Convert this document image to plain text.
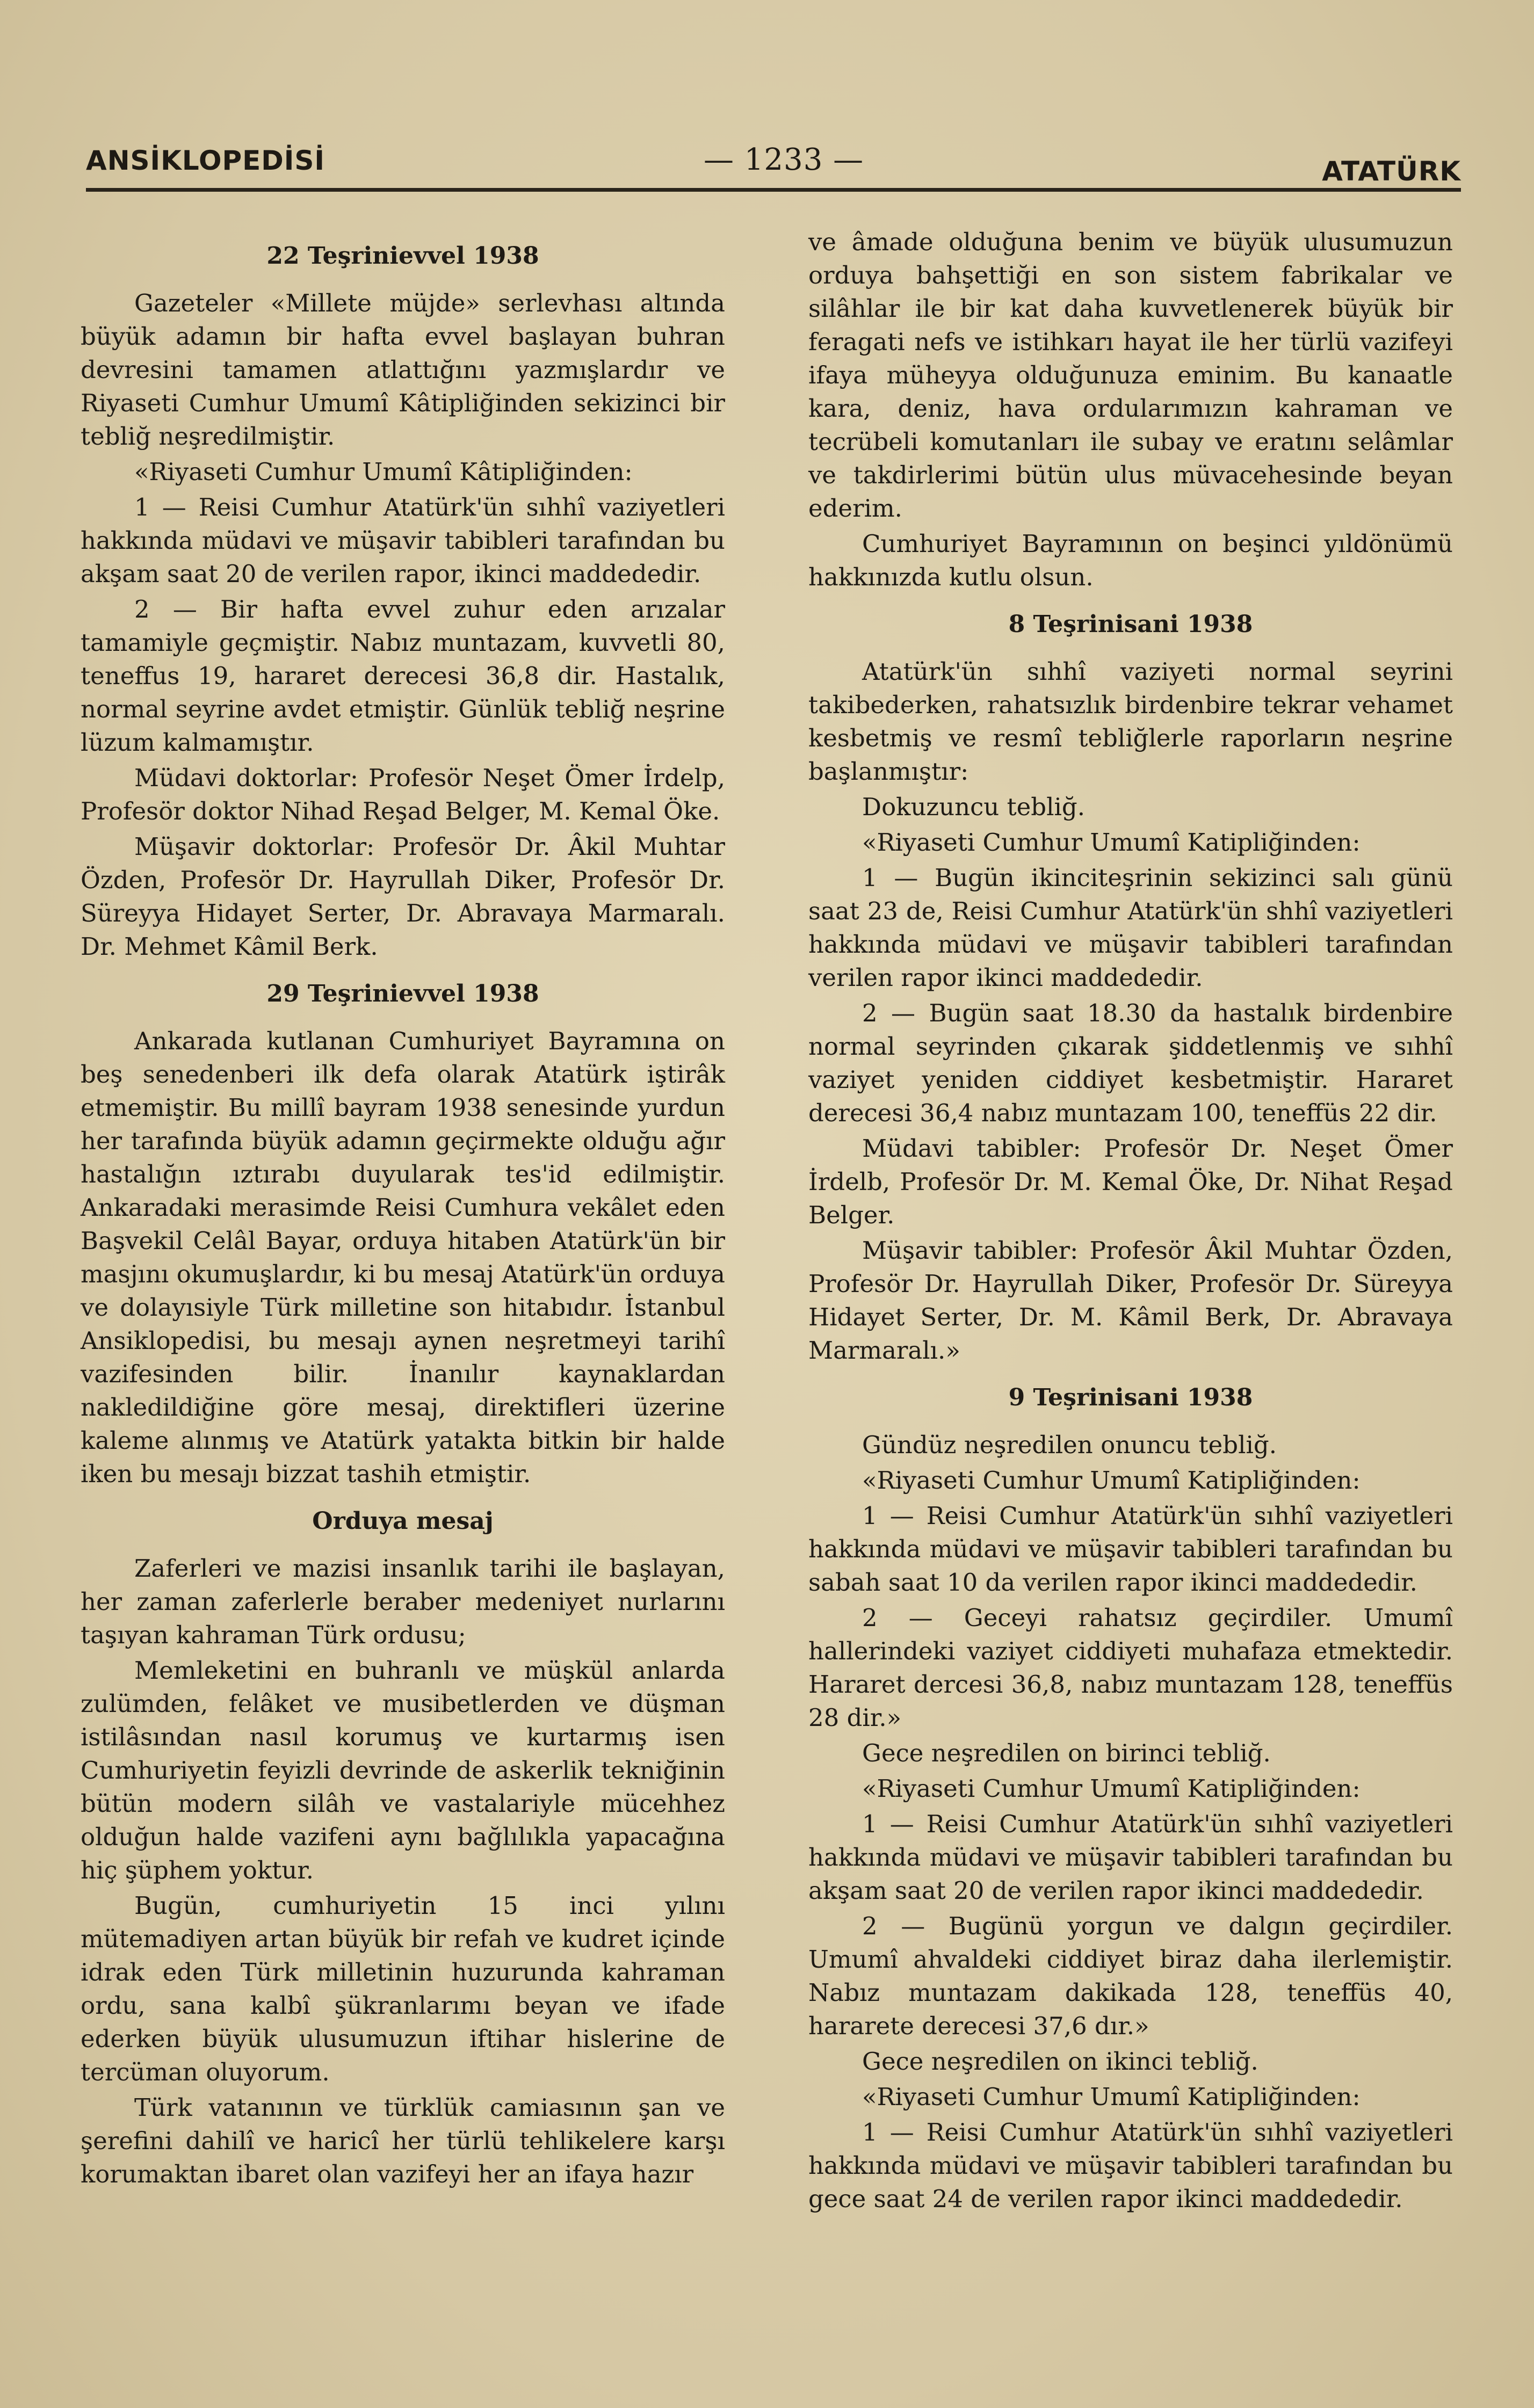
ANSİKLOPEDİSİ	— 1233 —	ATATÜRK
22 Teşrinievvel 1938

Gazeteler «Millete müjde» serlevhası altında büyük adamın bir hafta evvel başlayan buhran devresini tamamen atlattığını yazmışlardır ve Riyaseti Cumhur Umumî Kâtipliğinden sekizinci bir tebliğ neşredilmiştir.

«Riyaseti Cumhur Umumî Kâtipliğinden:

1 — Reisi Cumhur Atatürk'ün sıhhî vaziyetleri hakkında müdavi ve müşavir tabibleri tarafından bu akşam saat 20 de verilen rapor, ikinci maddededir.

2 — Bir hafta evvel zuhur eden arızalar tamamiyle geçmiştir. Nabız muntazam, kuvvetli 80, teneffus 19, hararet derecesi 36,8 dir. Hastalık, normal seyrine avdet etmiştir. Günlük tebliğ neşrine lüzum kalmamıştır.

Müdavi doktorlar: Profesör Neşet Ömer İrdelp, Profesör doktor Nihad Reşad Belger, M. Kemal Öke.

Müşavir doktorlar: Profesör Dr. Âkil Muhtar Özden, Profesör Dr. Hayrullah Diker, Profesör Dr. Süreyya Hidayet Serter, Dr. Abravaya Marmaralı. Dr. Mehmet Kâmil Berk.

29 Teşrinievvel 1938

Ankarada kutlanan Cumhuriyet Bayramına on beş senedenberi ilk defa olarak Atatürk iştirâk etmemiştir. Bu millî bayram 1938 senesinde yurdun her tarafında büyük adamın geçirmekte olduğu ağır hastalığın ıztırabı duyularak tes'id edilmiştir. Ankaradaki merasimde Reisi Cumhura vekâlet eden Başvekil Celâl Bayar, orduya hitaben Atatürk'ün bir masjını okumuşlardır, ki bu mesaj Atatürk'ün orduya ve dolayısiyle Türk milletine son hitabıdır. İstanbul Ansiklopedisi, bu mesajı aynen neşretmeyi tarihî vazifesinden bilir. İnanılır kaynaklardan nakledildiğine göre mesaj, direktifleri üzerine kaleme alınmış ve Atatürk yatakta bitkin bir halde iken bu mesajı bizzat tashih etmiştir.

Orduya mesaj

Zaferleri ve mazisi insanlık tarihi ile başlayan, her zaman zaferlerle beraber medeniyet nurlarını taşıyan kahraman Türk ordusu;

Memleketini en buhranlı ve müşkül anlarda zulümden, felâket ve musibetlerden ve düşman istilâsından nasıl korumuş ve kurtarmış isen Cumhuriyetin feyizli devrinde de askerlik tekniğinin bütün modern silâh ve vastalariyle mücehhez olduğun halde vazifeni aynı bağlılıkla yapacağına hiç şüphem yoktur.

Bugün, cumhuriyetin 15 inci yılını mütemadiyen artan büyük bir refah ve kudret içinde idrak eden Türk milletinin huzurunda kahraman ordu, sana kalbî şükranlarımı beyan ve ifade ederken büyük ulusumuzun iftihar hislerine de tercüman oluyorum.

Türk vatanının ve türklük camiasının şan ve şerefini dahilî ve haricî her türlü tehlikelere karşı korumaktan ibaret olan vazifeyi her an ifaya hazır

ve âmade olduğuna benim ve büyük ulusumuzun orduya bahşettiği en son sistem fabrikalar ve silâhlar ile bir kat daha kuvvetlenerek büyük bir feragati nefs ve istihkarı hayat ile her türlü vazifeyi ifaya müheyya olduğunuza eminim. Bu kanaatle kara, deniz, hava ordularımızın kahraman ve tecrübeli komutanları ile subay ve eratını selâmlar ve takdirlerimi bütün ulus müvacehesinde beyan ederim.

Cumhuriyet Bayramının on beşinci yıldönümü hakkınızda kutlu olsun.

8 Teşrinisani 1938

Atatürk'ün sıhhî vaziyeti normal seyrini takibederken, rahatsızlık birdenbire tekrar vehamet kesbetmiş ve resmî tebliğlerle raporların neşrine başlanmıştır:

Dokuzuncu tebliğ.

«Riyaseti Cumhur Umumî Katipliğinden:

1 — Bugün ikinciteşrinin sekizinci salı günü saat 23 de, Reisi Cumhur Atatürk'ün shhî vaziyetleri hakkında müdavi ve müşavir tabibleri tarafından verilen rapor ikinci maddededir.

2 — Bugün saat 18.30 da hastalık birdenbire normal seyrinden çıkarak şiddetlenmiş ve sıhhî vaziyet yeniden ciddiyet kesbetmiştir. Hararet derecesi 36,4 nabız muntazam 100, teneffüs 22 dir.

Müdavi tabibler: Profesör Dr. Neşet Ömer İrdelb, Profesör Dr. M. Kemal Öke, Dr. Nihat Reşad Belger.

Müşavir tabibler: Profesör Âkil Muhtar Özden, Profesör Dr. Hayrullah Diker, Profesör Dr. Süreyya Hidayet Serter, Dr. M. Kâmil Berk, Dr. Abravaya Marmaralı.»

9 Teşrinisani 1938

Gündüz neşredilen onuncu tebliğ.

«Riyaseti Cumhur Umumî Katipliğinden:

1 — Reisi Cumhur Atatürk'ün sıhhî vaziyetleri hakkında müdavi ve müşavir tabibleri tarafından bu sabah saat 10 da verilen rapor ikinci maddededir.

2 — Geceyi rahatsız geçirdiler. Umumî hallerindeki vaziyet ciddiyeti muhafaza etmektedir. Hararet dercesi 36,8, nabız muntazam 128, teneffüs 28 dir.»

Gece neşredilen on birinci tebliğ.

«Riyaseti Cumhur Umumî Katipliğinden:

1 — Reisi Cumhur Atatürk'ün sıhhî vaziyetleri hakkında müdavi ve müşavir tabibleri tarafından bu akşam saat 20 de verilen rapor ikinci maddededir.

2 — Bugünü yorgun ve dalgın geçirdiler. Umumî ahvaldeki ciddiyet biraz daha ilerlemiştir. Nabız muntazam dakikada 128, teneffüs 40, hararete derecesi 37,6 dır.»

Gece neşredilen on ikinci tebliğ.

«Riyaseti Cumhur Umumî Katipliğinden:

1 — Reisi Cumhur Atatürk'ün sıhhî vaziyetleri hakkında müdavi ve müşavir tabibleri tarafından bu gece saat 24 de verilen rapor ikinci maddededir.
